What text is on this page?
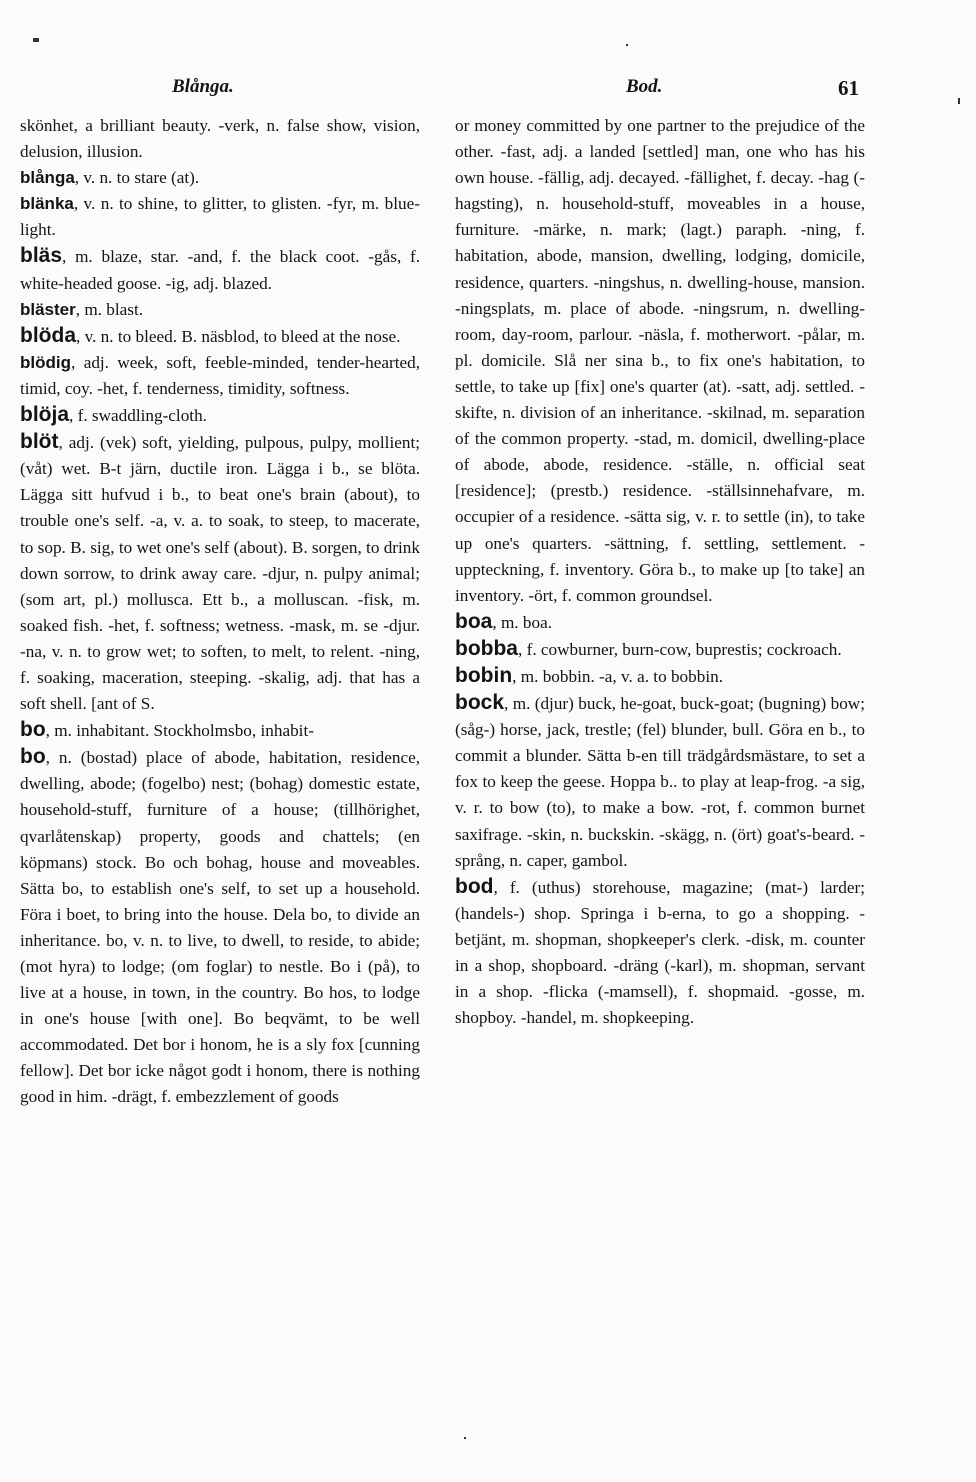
Blånga.	Bod.	61

skönhet, a brilliant beauty. -verk, n. false show, vision, delusion, illusion.

blånga, v. n. to stare (at).

blänka, v. n. to shine, to glitter, to glisten. -fyr, m. blue-light.

bläs, m. blaze, star. -and, f. the black coot. -gås, f. white-headed goose. -ig, adj. blazed.

bläster, m. blast.

blöda, v. n. to bleed. B. näsblod, to bleed at the nose.

blödig, adj. week, soft, feeble-minded, tender-hearted, timid, coy. -het, f. tenderness, timidity, softness.

blöja, f. swaddling-cloth.

blöt, adj. (vek) soft, yielding, pulpous, pulpy, mollient; (våt) wet. B-t järn, ductile iron. Lägga i b., se blöta. Lägga sitt hufvud i b., to beat one's brain (about), to trouble one's self. -a, v. a. to soak, to steep, to macerate, to sop. B. sig, to wet one's self (about). B. sorgen, to drink down sorrow, to drink away care. -djur, n. pulpy animal; (som art, pl.) mollusca. Ett b., a molluscan. -fisk, m. soaked fish. -het, f. softness; wetness. -mask, m. se -djur. -na, v. n. to grow wet; to soften, to melt, to relent. -ning, f. soaking, maceration, steeping. -skalig, adj. that has a soft shell. [ant of S.

bo, m. inhabitant. Stockholmsbo, inhabit-

bo, n. (bostad) place of abode, habitation, residence, dwelling, abode; (fogelbo) nest; (bohag) domestic estate, household-stuff, furniture of a house; (tillhörighet, qvarlåtenskap) property, goods and chattels; (en köpmans) stock. Bo och bohag, house and moveables. Sätta bo, to establish one's self, to set up a household. Föra i boet, to bring into the house. Dela bo, to divide an inheritance. bo, v. n. to live, to dwell, to reside, to abide; (mot hyra) to lodge; (om foglar) to nestle. Bo i (på), to live at a house, in town, in the country. Bo hos, to lodge in one's house [with one]. Bo beqvämt, to be well accommodated. Det bor i honom, he is a sly fox [cunning fellow]. Det bor icke något godt i honom, there is nothing good in him. -drägt, f. embezzlement of goods

or money committed by one partner to the prejudice of the other. -fast, adj. a landed [settled] man, one who has his own house. -fällig, adj. decayed. -fällighet, f. decay. -hag (-hagsting), n. household-stuff, moveables in a house, furniture. -märke, n. mark; (lagt.) paraph. -ning, f. habitation, abode, mansion, dwelling, lodging, domicile, residence, quarters. -ningshus, n. dwelling-house, mansion. -ningsplats, m. place of abode. -ningsrum, n. dwelling-room, day-room, parlour. -näsla, f. motherwort. -pålar, m. pl. domicile. Slå ner sina b., to fix one's habitation, to settle, to take up [fix] one's quarter (at). -satt, adj. settled. -skifte, n. division of an inheritance. -skilnad, m. separation of the common property. -stad, m. domicil, dwelling-place of abode, abode, residence. -ställe, n. official seat [residence]; (prestb.) residence. -ställsinnehafvare, m. occupier of a residence. -sätta sig, v. r. to settle (in), to take up one's quarters. -sättning, f. settling, settlement. -uppteckning, f. inventory. Göra b., to make up [to take] an inventory. -ört, f. common groundsel.

boa, m. boa.

bobba, f. cowburner, burn-cow, buprestis; cockroach.

bobin, m. bobbin. -a, v. a. to bobbin.

bock, m. (djur) buck, he-goat, buck-goat; (bugning) bow; (såg-) horse, jack, trestle; (fel) blunder, bull. Göra en b., to commit a blunder. Sätta b-en till trädgårdsmästare, to set a fox to keep the geese. Hoppa b.. to play at leap-frog. -a sig, v. r. to bow (to), to make a bow. -rot, f. common burnet saxifrage. -skin, n. buckskin. -skägg, n. (ört) goat's-beard. -språng, n. caper, gambol.

bod, f. (uthus) storehouse, magazine; (mat-) larder; (handels-) shop. Springa i b-erna, to go a shopping. -betjänt, m. shopman, shopkeeper's clerk. -disk, m. counter in a shop, shopboard. -dräng (-karl), m. shopman, servant in a shop. -flicka (-mamsell), f. shopmaid. -gosse, m. shopboy. -handel, m. shopkeeping.
